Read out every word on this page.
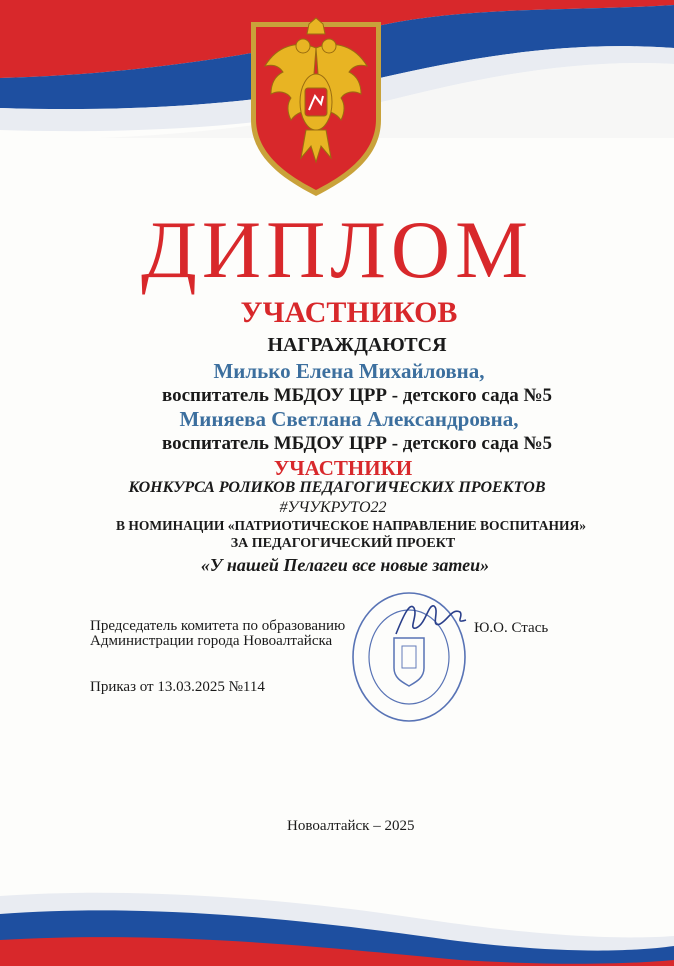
ДИПЛОМ
УЧАСТНИКОВ
НАГРАЖДАЮТСЯ
Милько Елена Михайловна,
воспитатель МБДОУ ЦРР - детского сада №5
Миняева Светлана Александровна,
воспитатель МБДОУ ЦРР - детского сада №5
УЧАСТНИКИ
КОНКУРСА РОЛИКОВ ПЕДАГОГИЧЕСКИХ ПРОЕКТОВ
#УЧУКРУТО22
В НОМИНАЦИИ «ПАТРИОТИЧЕСКОЕ НАПРАВЛЕНИЕ ВОСПИТАНИЯ»
ЗА ПЕДАГОГИЧЕСКИЙ ПРОЕКТ
«У нашей Пелагеи все новые затеи»
Председатель комитета по образованию
Администрации города Новоалтайска
Ю.О. Стась
Приказ от 13.03.2025 №114
Новоалтайск – 2025
